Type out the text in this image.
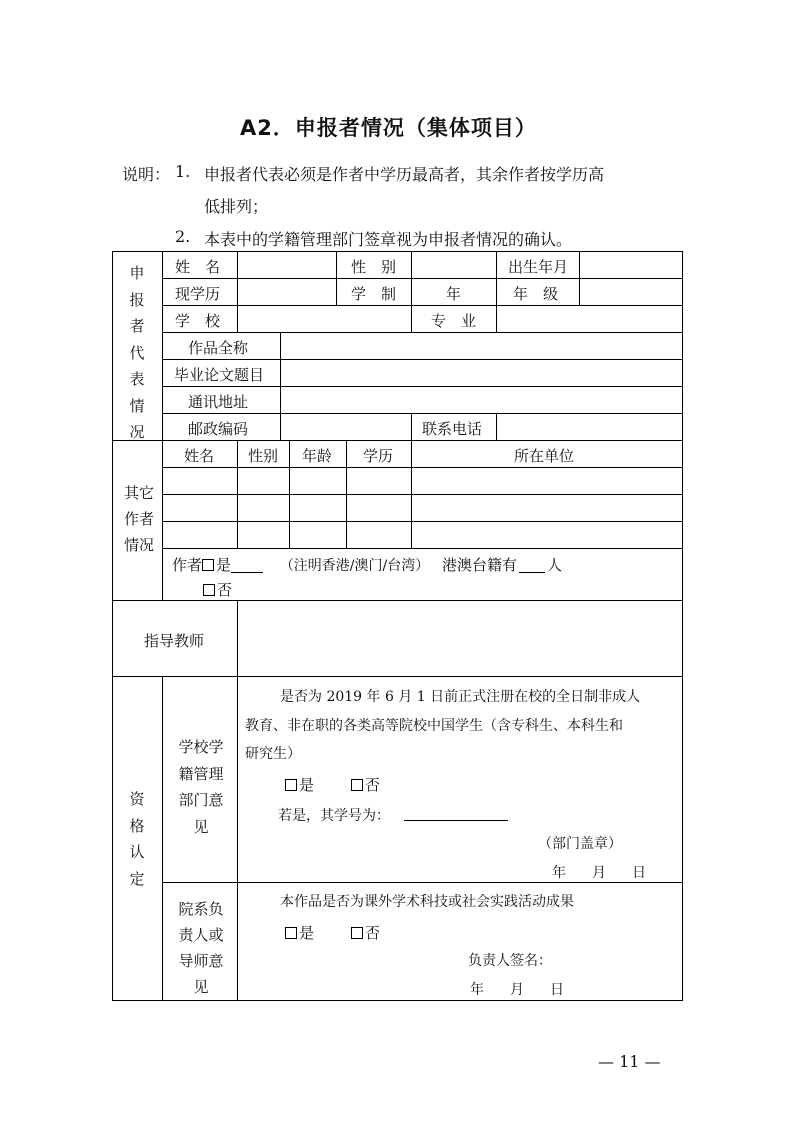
A2．申报者情况（集体项目）
说明： 1. 申报者代表必须是作者中学历最高者，其余作者按学历高
低排列；
2. 本表中的学籍管理部门签章视为申报者情况的确认。
申报者代表情况
姓　名	性　别	出生年月
现学历	学　制	年	年　级
学　校	专　业
作品全称
毕业论文题目
通讯地址
邮政编码	联系电话
其它作者情况
姓名 性别 年龄 学历	所在单位
作者 是	（注明香港/澳门/台湾） 港澳台籍有 人
否
指导教师
资格认定
学校学籍管理部门意见
是否为 2019 年 6 月 1 日前正式注册在校的全日制非成人
教育、非在职的各类高等院校中国学生（含专科生、本科生和
研究生）
是	否
若是，其学号为：
（部门盖章）
年 月 日
院系负责人或导师意见
本作品是否为课外学术科技或社会实践活动成果
是	否
负责人签名：
年 月 日
— 11 —
